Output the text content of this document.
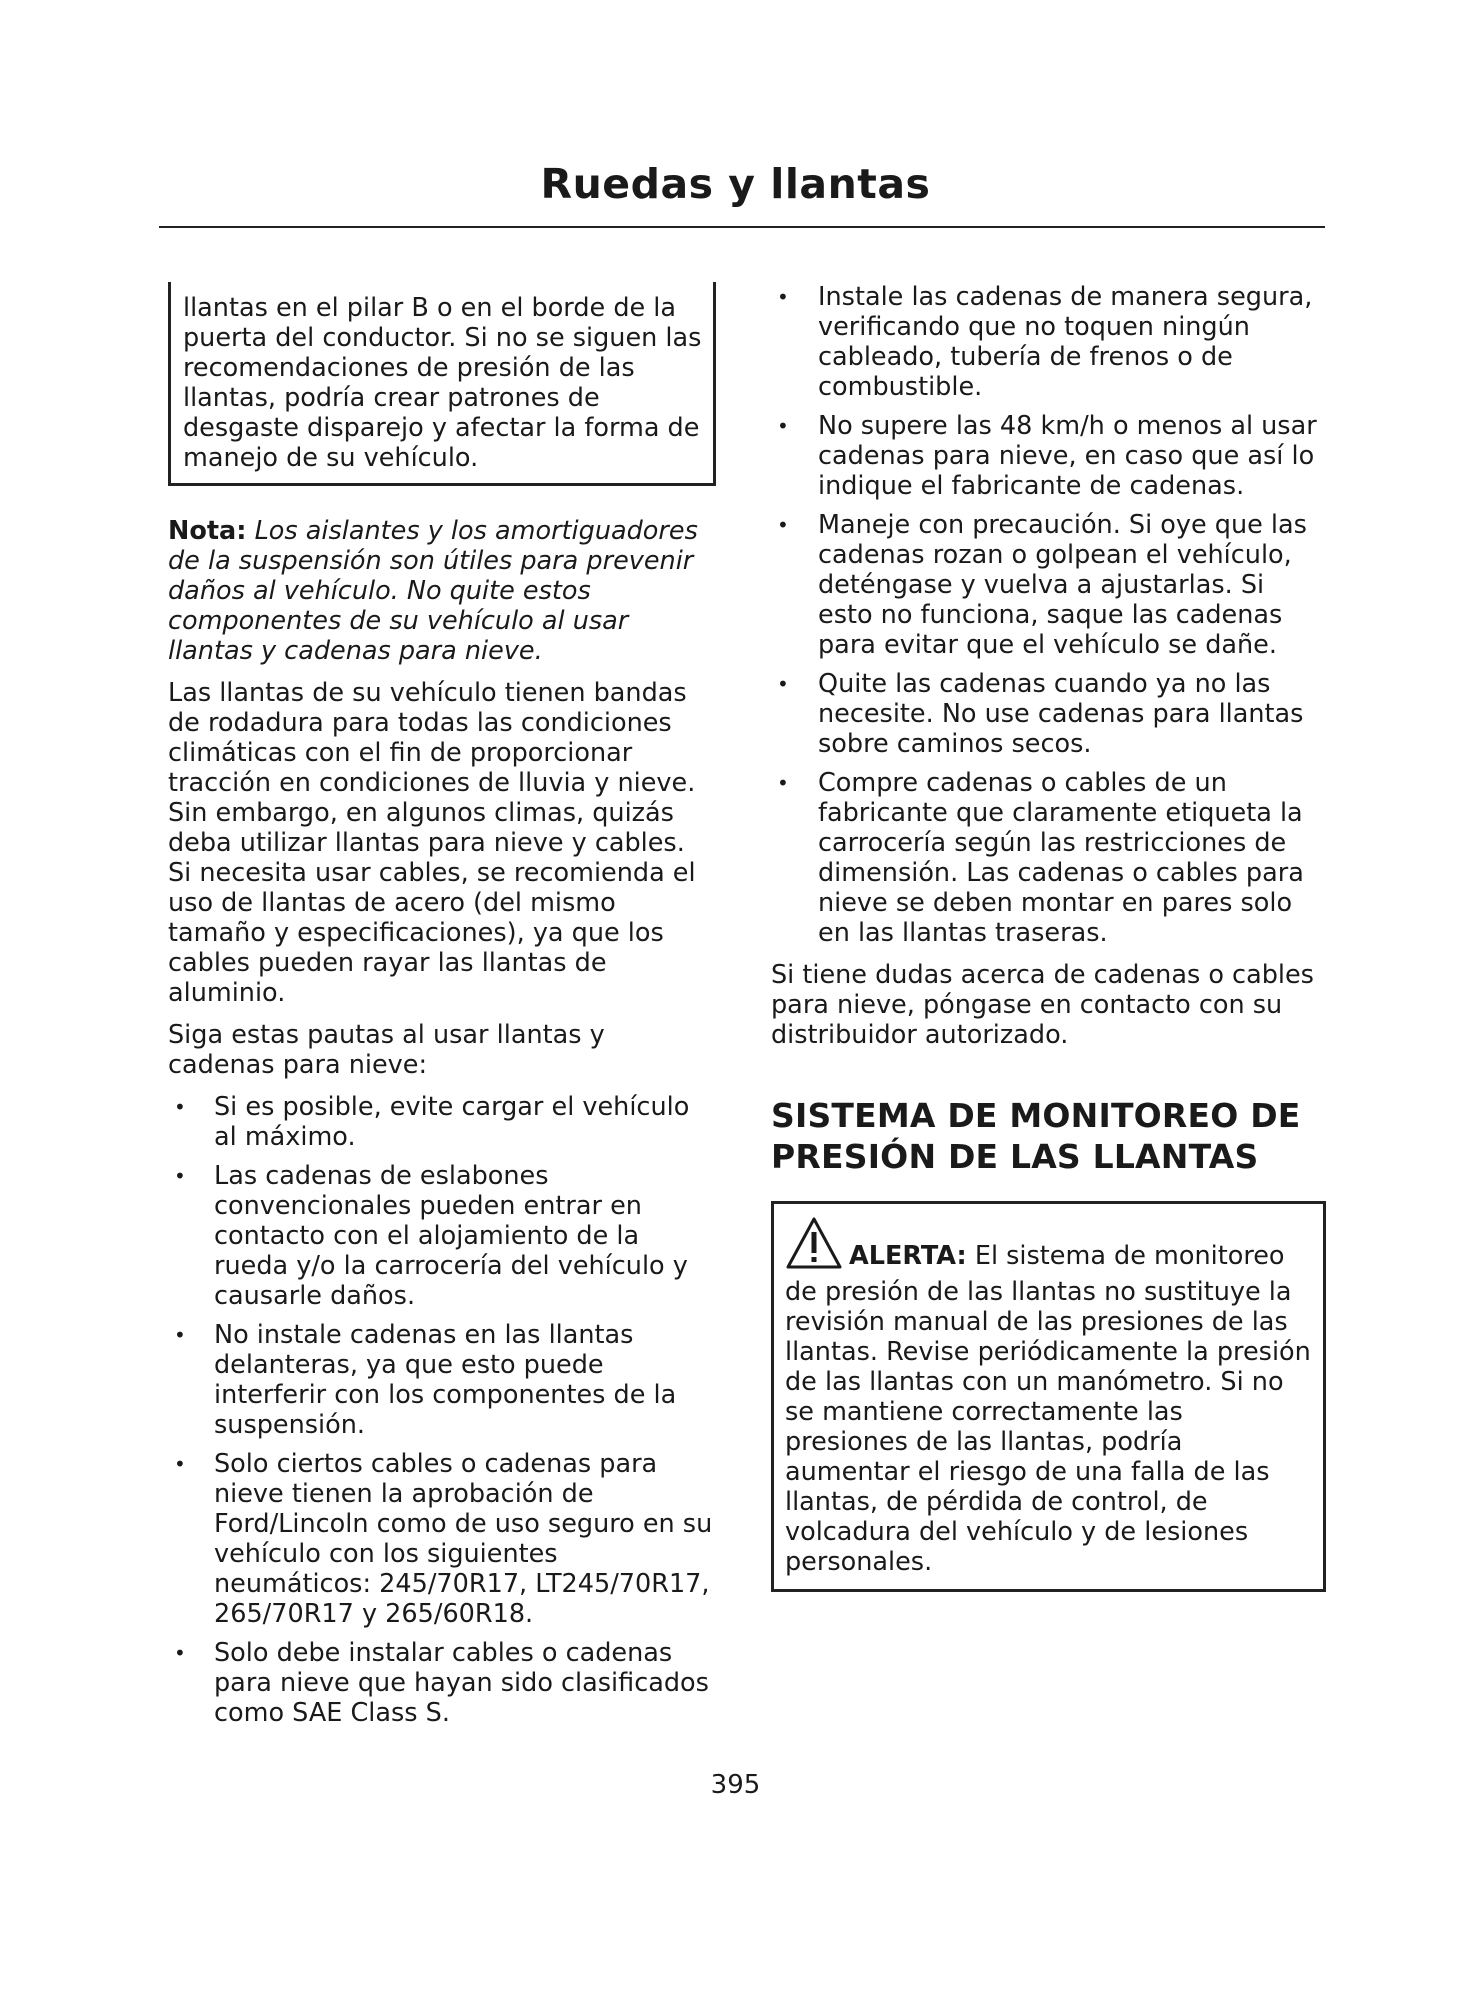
Ruedas y llantas
llantas en el pilar B o en el borde de la puerta del conductor. Si no se siguen las recomendaciones de presión de las llantas, podría crear patrones de desgaste disparejo y afectar la forma de manejo de su vehículo.

Nota: Los aislantes y los amortiguadores de la suspensión son útiles para prevenir daños al vehículo. No quite estos componentes de su vehículo al usar llantas y cadenas para nieve.

Las llantas de su vehículo tienen bandas de rodadura para todas las condiciones climáticas con el fin de proporcionar tracción en condiciones de lluvia y nieve. Sin embargo, en algunos climas, quizás deba utilizar llantas para nieve y cables. Si necesita usar cables, se recomienda el uso de llantas de acero (del mismo tamaño y especificaciones), ya que los cables pueden rayar las llantas de aluminio.

Siga estas pautas al usar llantas y cadenas para nieve:

• Si es posible, evite cargar el vehículo al máximo.
• Las cadenas de eslabones convencionales pueden entrar en contacto con el alojamiento de la rueda y/o la carrocería del vehículo y causarle daños.
• No instale cadenas en las llantas delanteras, ya que esto puede interferir con los componentes de la suspensión.
• Solo ciertos cables o cadenas para nieve tienen la aprobación de Ford/Lincoln como de uso seguro en su vehículo con los siguientes neumáticos: 245/70R17, LT245/70R17, 265/70R17 y 265/60R18.
• Solo debe instalar cables o cadenas para nieve que hayan sido clasificados como SAE Class S.
• Instale las cadenas de manera segura, verificando que no toquen ningún cableado, tubería de frenos o de combustible.
• No supere las 48 km/h o menos al usar cadenas para nieve, en caso que así lo indique el fabricante de cadenas.
• Maneje con precaución. Si oye que las cadenas rozan o golpean el vehículo, deténgase y vuelva a ajustarlas. Si esto no funciona, saque las cadenas para evitar que el vehículo se dañe.
• Quite las cadenas cuando ya no las necesite. No use cadenas para llantas sobre caminos secos.
• Compre cadenas o cables de un fabricante que claramente etiqueta la carrocería según las restricciones de dimensión. Las cadenas o cables para nieve se deben montar en pares solo en las llantas traseras.

Si tiene dudas acerca de cadenas o cables para nieve, póngase en contacto con su distribuidor autorizado.

SISTEMA DE MONITOREO DE PRESIÓN DE LAS LLANTAS
ALERTA: El sistema de monitoreo de presión de las llantas no sustituye la revisión manual de las presiones de las llantas. Revise periódicamente la presión de las llantas con un manómetro. Si no se mantiene correctamente las presiones de las llantas, podría aumentar el riesgo de una falla de las llantas, de pérdida de control, de volcadura del vehículo y de lesiones personales.
395
